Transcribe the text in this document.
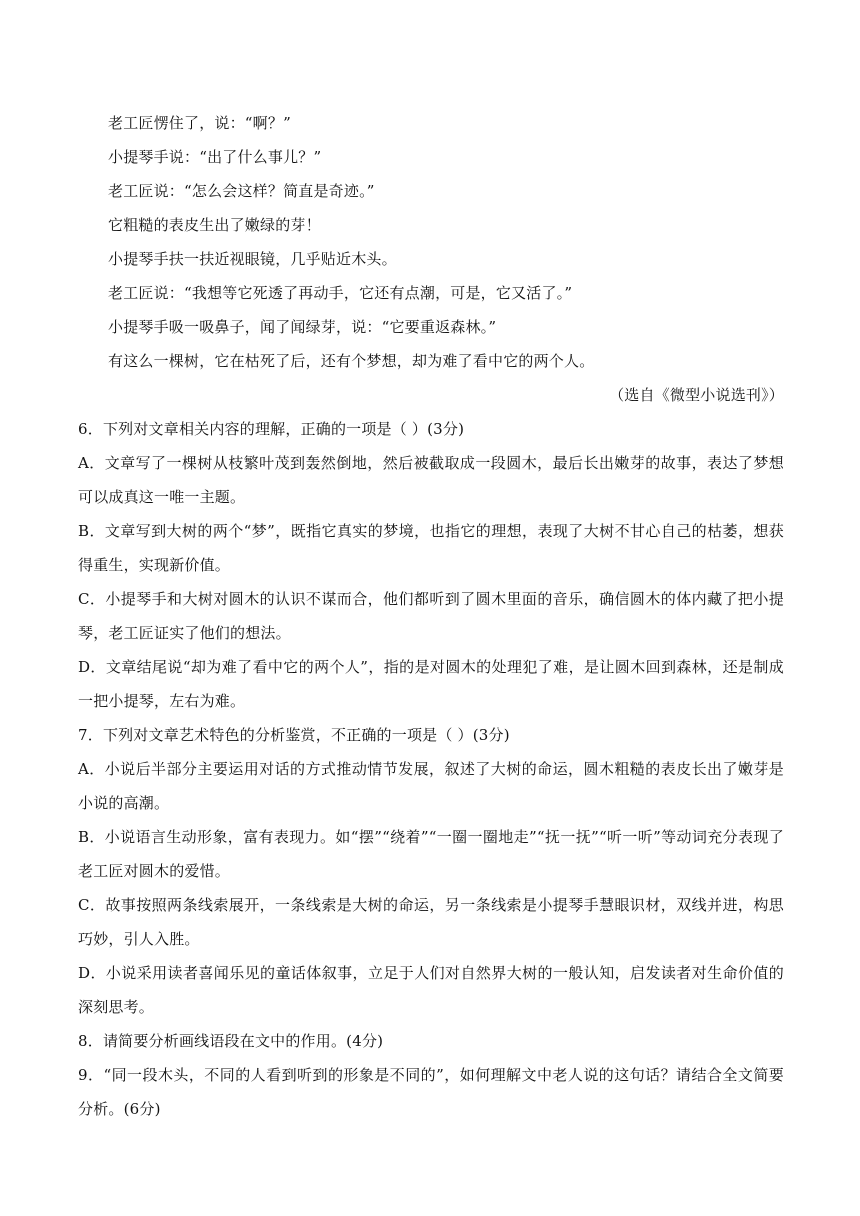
老工匠愣住了，说：“啊？”

小提琴手说：“出了什么事儿？”

老工匠说：“怎么会这样？简直是奇迹。”

它粗糙的表皮生出了嫩绿的芽！

小提琴手扶一扶近视眼镜，几乎贴近木头。

老工匠说：“我想等它死透了再动手，它还有点潮，可是，它又活了。”

小提琴手吸一吸鼻子，闻了闻绿芽，说：“它要重返森林。”

有这么一棵树，它在枯死了后，还有个梦想，却为难了看中它的两个人。

（选自《微型小说选刊》）

6．下列对文章相关内容的理解，正确的一项是（ ）(3分)

A．文章写了一棵树从枝繁叶茂到轰然倒地，然后被截取成一段圆木，最后长出嫩芽的故事，表达了梦想可以成真这一唯一主题。

B．文章写到大树的两个“梦”，既指它真实的梦境，也指它的理想，表现了大树不甘心自己的枯萎，想获得重生，实现新价值。

C．小提琴手和大树对圆木的认识不谋而合，他们都听到了圆木里面的音乐，确信圆木的体内藏了把小提琴，老工匠证实了他们的想法。

D．文章结尾说“却为难了看中它的两个人”，指的是对圆木的处理犯了难，是让圆木回到森林，还是制成一把小提琴，左右为难。

7．下列对文章艺术特色的分析鉴赏，不正确的一项是（ ）(3分)

A．小说后半部分主要运用对话的方式推动情节发展，叙述了大树的命运，圆木粗糙的表皮长出了嫩芽是小说的高潮。

B．小说语言生动形象，富有表现力。如“摆”“绕着”“一圈一圈地走”“抚一抚”“听一听”等动词充分表现了老工匠对圆木的爱惜。

C．故事按照两条线索展开，一条线索是大树的命运，另一条线索是小提琴手慧眼识材，双线并进，构思巧妙，引人入胜。

D．小说采用读者喜闻乐见的童话体叙事，立足于人们对自然界大树的一般认知，启发读者对生命价值的深刻思考。

8．请简要分析画线语段在文中的作用。(4分)

9．“同一段木头，不同的人看到听到的形象是不同的”，如何理解文中老人说的这句话？请结合全文简要分析。(6分)
